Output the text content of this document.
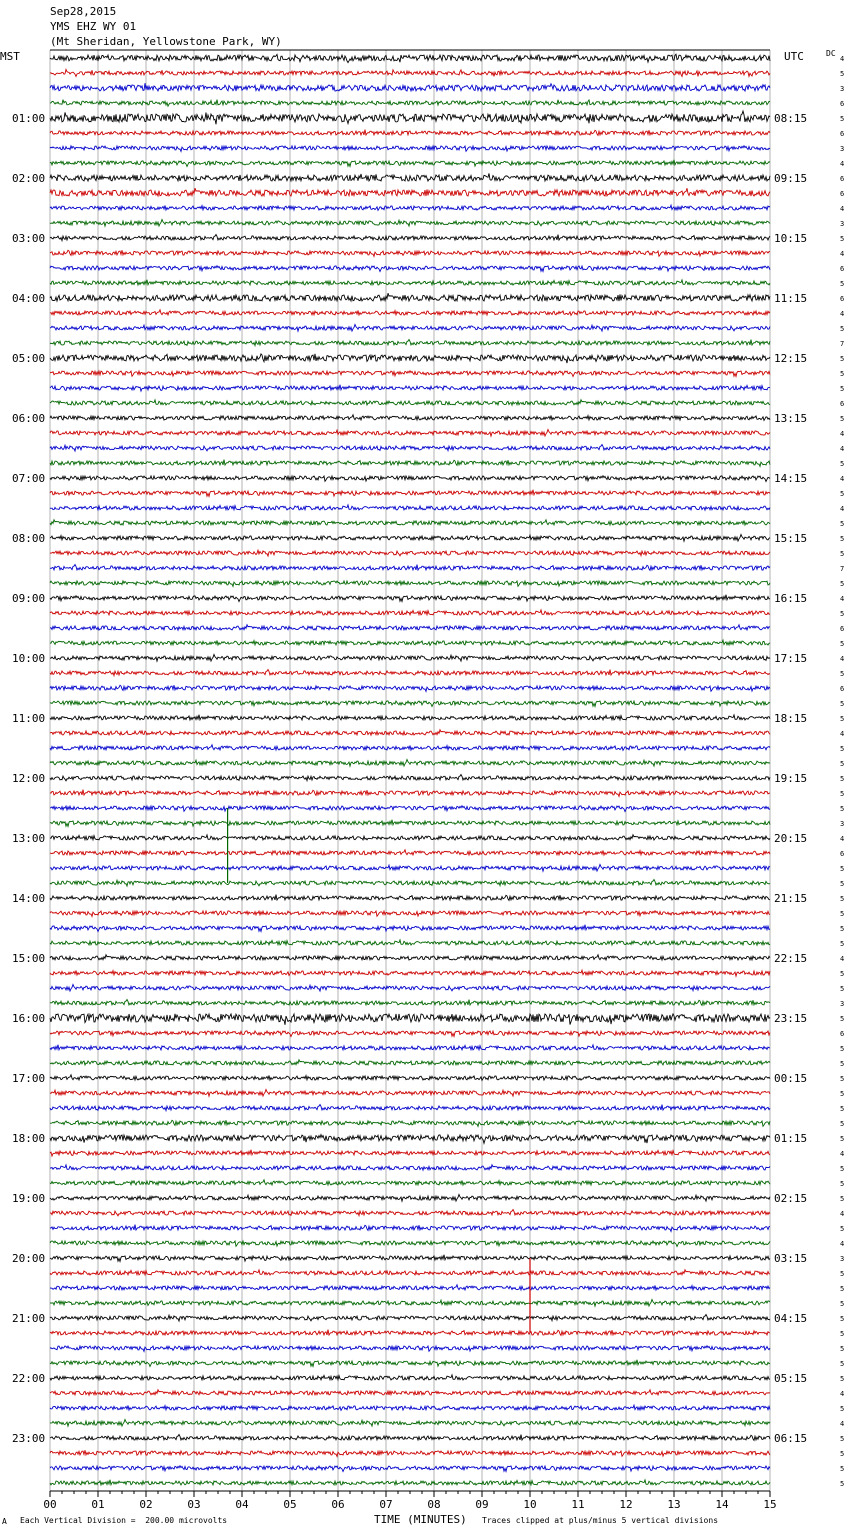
Sep28,2015
YMS EHZ WY 01
(Mt Sheridan, Yellowstone Park, WY)
MST	UTC	DC
4
5
3
6
5
6
3
4
6
6
4
3
5
4
6
5
6
4
5
7
5
5
5
6
5
4
4
5
4
5
4
5
5
5
7
5
4
5
6
5
4
5
6
5
5
4
5
5
5
5
5
3
4
6
5
5
5
5
5
5
4
5
5
3
5
6
5
5
5
5
5
5
5
4
5
5
5
4
5
4
3
5
5
5
5
5
5
5
5
4
5
4
5
5
5
5
01:00	08:15
02:00	09:15
03:00	10:15
04:00	11:15
05:00	12:15
06:00	13:15
07:00	14:15
08:00	15:15
09:00	16:15
10:00	17:15
11:00	18:15
12:00	19:15
13:00	20:15
14:00	21:15
15:00	22:15
16:00	23:15
17:00	00:15
18:00	01:15
19:00	02:15
20:00	03:15
21:00	04:15
22:00	05:15
23:00	06:15
00	01	02	03	04	05	06	07	08	09	10	11	12	13	14	15
A Each Vertical Division =  200.00 microvolts	TIME (MINUTES) Traces clipped at plus/minus 5 vertical divisions
